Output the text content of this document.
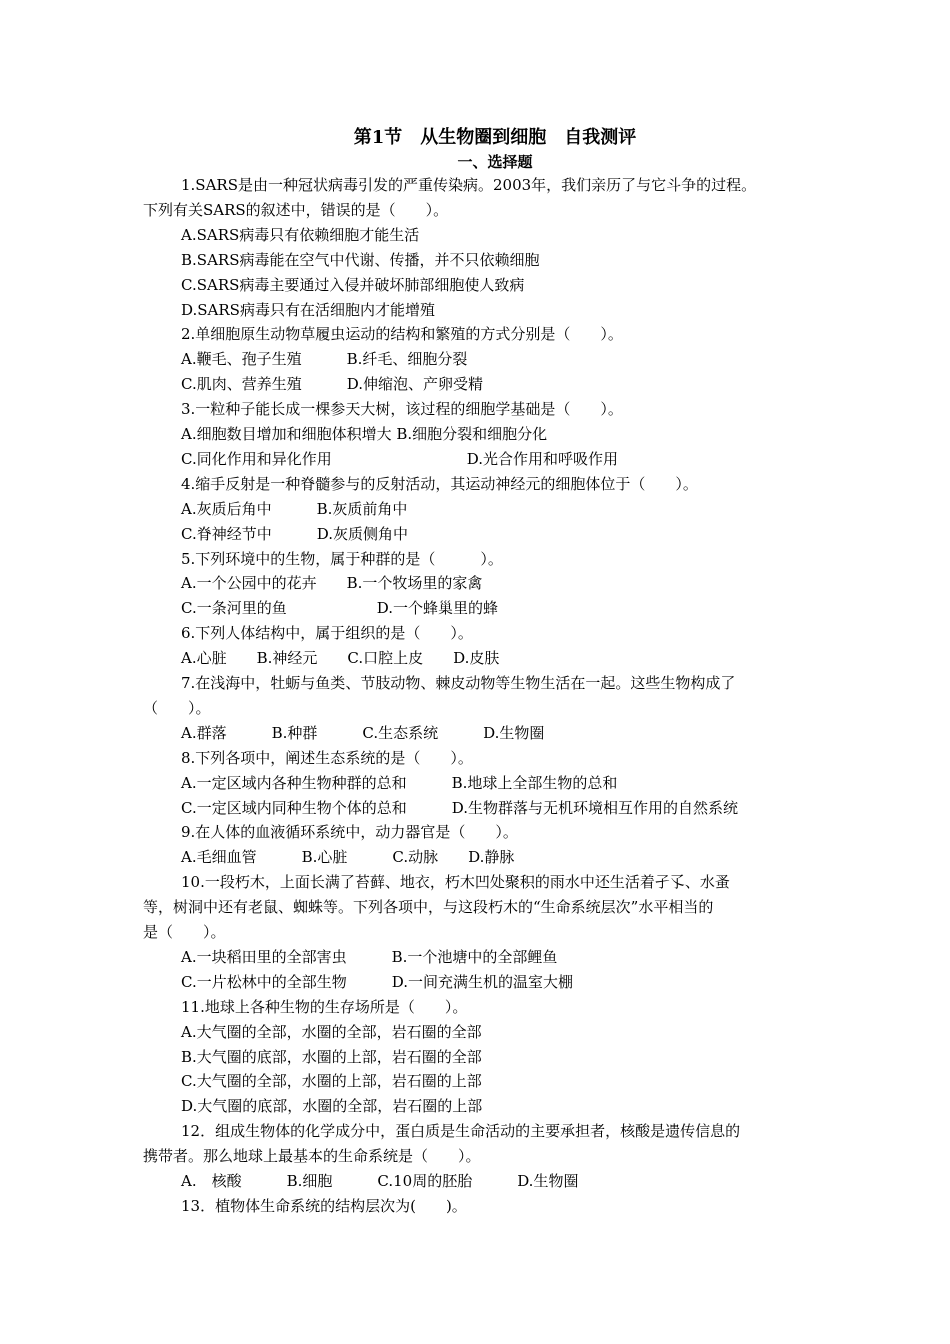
第1节　从生物圈到细胞　自我测评
一、选择题
1.SARS是由一种冠状病毒引发的严重传染病。2003年，我们亲历了与它斗争的过程。
下列有关SARS的叙述中，错误的是（　　）。
A.SARS病毒只有依赖细胞才能生活
B.SARS病毒能在空气中代谢、传播，并不只依赖细胞
C.SARS病毒主要通过入侵并破坏肺部细胞使人致病
D.SARS病毒只有在活细胞内才能增殖
2.单细胞原生动物草履虫运动的结构和繁殖的方式分别是（　　）。
A.鞭毛、孢子生殖　　　B.纤毛、细胞分裂
C.肌肉、营养生殖　　　D.伸缩泡、产卵受精
3.一粒种子能长成一棵参天大树，该过程的细胞学基础是（　　）。
A.细胞数目增加和细胞体积增大 B.细胞分裂和细胞分化
C.同化作用和异化作用　　　　　　　　　D.光合作用和呼吸作用
4.缩手反射是一种脊髓参与的反射活动，其运动神经元的细胞体位于（　　）。
A.灰质后角中　　　B.灰质前角中
C.脊神经节中　　　D.灰质侧角中
5.下列环境中的生物，属于种群的是（　　　）。
A.一个公园中的花卉　　B.一个牧场里的家禽
C.一条河里的鱼　　　　　　D.一个蜂巢里的蜂
6.下列人体结构中，属于组织的是（　　）。
A.心脏　　B.神经元　　C.口腔上皮　　D.皮肤
7.在浅海中，牡蛎与鱼类、节肢动物、棘皮动物等生物生活在一起。这些生物构成了
（　　）。
A.群落　　　B.种群　　　C.生态系统　　　D.生物圈
8.下列各项中，阐述生态系统的是（　　）。
A.一定区域内各种生物种群的总和　　　B.地球上全部生物的总和
C.一定区域内同种生物个体的总和　　　D.生物群落与无机环境相互作用的自然系统
9.在人体的血液循环系统中，动力器官是（　　）。
A.毛细血管　　　B.心脏　　　C.动脉　　D.静脉
10.一段朽木，上面长满了苔藓、地衣，朽木凹处聚积的雨水中还生活着孑孓、水蚤
等，树洞中还有老鼠、蜘蛛等。下列各项中，与这段朽木的“生命系统层次”水平相当的
是（　　）。
A.一块稻田里的全部害虫　　　B.一个池塘中的全部鲤鱼
C.一片松林中的全部生物　　　D.一间充满生机的温室大棚
11.地球上各种生物的生存场所是（　　）。
A.大气圈的全部，水圈的全部，岩石圈的全部
B.大气圈的底部，水圈的上部，岩石圈的全部
C.大气圈的全部，水圈的上部，岩石圈的上部
D.大气圈的底部，水圈的全部，岩石圈的上部
12．组成生物体的化学成分中，蛋白质是生命活动的主要承担者，核酸是遗传信息的
携带者。那么地球上最基本的生命系统是（　　）。
A.　核酸　　　B.细胞　　　C.10周的胚胎　　　D.生物圈
13．植物体生命系统的结构层次为(　　)。
